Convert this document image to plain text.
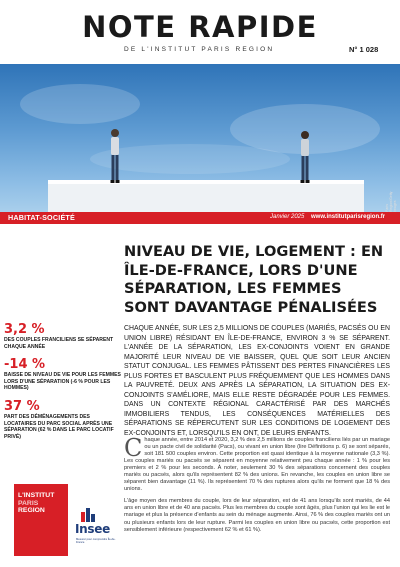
NOTE RAPIDE
DE L'INSTITUT PARIS REGION	N° 1 028
Paris Region/Getty Images
HABITAT-SOCIÉTÉ	Janvier 2025 www.institutparisregion.fr
NIVEAU DE VIE, LOGEMENT : EN ÎLE-DE-FRANCE, LORS D'UNE SÉPARATION, LES FEMMES SONT DAVANTAGE PÉNALISÉES
3,2 %
DES COUPLES FRANCILIENS SE SÉPARENT CHAQUE ANNÉE
-14 %
BAISSE DE NIVEAU DE VIE POUR LES FEMMES LORS D'UNE SÉPARATION (-6 % POUR LES HOMMES)
37 %
PART DES DÉMÉNAGEMENTS DES LOCATAIRES DU PARC SOCIAL APRÈS UNE SÉPARATION (62 % DANS LE PARC LOCATIF PRIVÉ)

CHAQUE ANNÉE, SUR LES 2,5 MILLIONS DE COUPLES (MARIÉS, PACSÉS OU EN UNION LIBRE) RÉSIDANT EN ÎLE-DE-FRANCE, ENVIRON 3 % SE SÉPARENT. L'ANNÉE DE LA SÉPARATION, LES EX-CONJOINTS VOIENT EN GRANDE MAJORITÉ LEUR NIVEAU DE VIE BAISSER, QUEL QUE SOIT LEUR ANCIEN STATUT CONJUGAL. LES FEMMES PÂTISSENT DES PERTES FINANCIÈRES LES PLUS FORTES ET BASCULENT PLUS FRÉQUEMMENT QUE LES HOMMES DANS LA PAUVRETÉ. DEUX ANS APRÈS LA SÉPARATION, LA SITUATION DES EX-CONJOINTS S'AMÉLIORE, MAIS ELLE RESTE DÉGRADÉE POUR LES FEMMES. DANS UN CONTEXTE RÉGIONAL CARACTÉRISÉ PAR DES MARCHÉS IMMOBILIERS TENDUS, LES CONSÉQUENCES MATÉRIELLES DES SÉPARATIONS SE RÉPERCUTENT SUR LES CONDITIONS DE LOGEMENT DES EX-CONJOINTS ET, LORSQU'ILS EN ONT, DE LEURS ENFANTS.

C haque année, entre 2014 et 2020, 3,2 % des 2,5 millions de couples franciliens liés par un mariage ou un pacte civil de solidarité (Pacs), ou vivant en union libre (lire Définitions p. 6) se sont séparés, soit 181 500 couples environ. Cette proportion est quasi identique à la moyenne nationale (3,3 %). Les couples mariés ou pacsés se séparent en moyenne relativement peu chaque année : 1 % pour les premiers et 2 % pour les seconds. À noter, seulement 30 % des séparations concernent des couples mariés ou pacsés, alors qu'ils représentent 82 % des unions. En revanche, les couples en union libre se séparent bien davantage (11 %). Ils représentent 70 % des ruptures alors qu'ils ne forment que 18 % des unions.

L'âge moyen des membres du couple, lors de leur séparation, est de 41 ans lorsqu'ils sont mariés, de 44 ans en union libre et de 40 ans pacsés. Plus les membres du couple sont âgés, plus l'union qui les lie est le mariage et plus la présence d'enfants au sein du ménage augmente. Ainsi, 76 % des couples mariés ont un ou plusieurs enfants lors de leur rupture. Parmi les couples en union libre ou pacsés, cette proportion est sensiblement inférieure (respectivement 62 % et 61 %).

L'INSTITUT
PARIS
REGION
Insee
Mesurer pour comprendre Île-de-France
